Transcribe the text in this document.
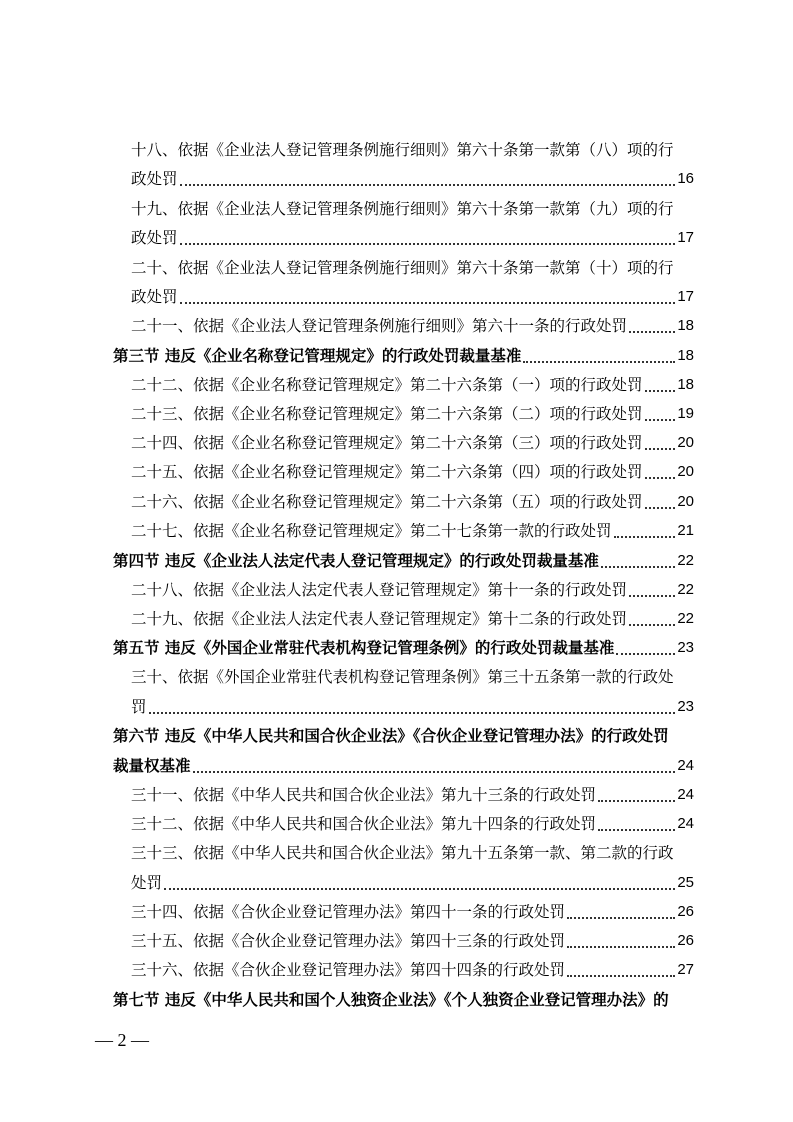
十八、依据《企业法人登记管理条例施行细则》第六十条第一款第（八）项的行
政处罚	16
十九、依据《企业法人登记管理条例施行细则》第六十条第一款第（九）项的行
政处罚	17
二十、依据《企业法人登记管理条例施行细则》第六十条第一款第（十）项的行
政处罚	17
二十一、依据《企业法人登记管理条例施行细则》第六十一条的行政处罚	18
第三节 违反《企业名称登记管理规定》的行政处罚裁量基准	18
二十二、依据《企业名称登记管理规定》第二十六条第（一）项的行政处罚 18
二十三、依据《企业名称登记管理规定》第二十六条第（二）项的行政处罚 19
二十四、依据《企业名称登记管理规定》第二十六条第（三）项的行政处罚 20
二十五、依据《企业名称登记管理规定》第二十六条第（四）项的行政处罚 20
二十六、依据《企业名称登记管理规定》第二十六条第（五）项的行政处罚 20
二十七、依据《企业名称登记管理规定》第二十七条第一款的行政处罚	21
第四节 违反《企业法人法定代表人登记管理规定》的行政处罚裁量基准	22
二十八、依据《企业法人法定代表人登记管理规定》第十一条的行政处罚	22
二十九、依据《企业法人法定代表人登记管理规定》第十二条的行政处罚	22
第五节 违反《外国企业常驻代表机构登记管理条例》的行政处罚裁量基准	23
三十、依据《外国企业常驻代表机构登记管理条例》第三十五条第一款的行政处
罚	23
第六节 违反《中华人民共和国合伙企业法》《合伙企业登记管理办法》的行政处罚
裁量权基准	24
三十一、依据《中华人民共和国合伙企业法》第九十三条的行政处罚	24
三十二、依据《中华人民共和国合伙企业法》第九十四条的行政处罚	24
三十三、依据《中华人民共和国合伙企业法》第九十五条第一款、第二款的行政
处罚	25
三十四、依据《合伙企业登记管理办法》第四十一条的行政处罚	26
三十五、依据《合伙企业登记管理办法》第四十三条的行政处罚	26
三十六、依据《合伙企业登记管理办法》第四十四条的行政处罚	27
第七节 违反《中华人民共和国个人独资企业法》《个人独资企业登记管理办法》的
— 2 —
